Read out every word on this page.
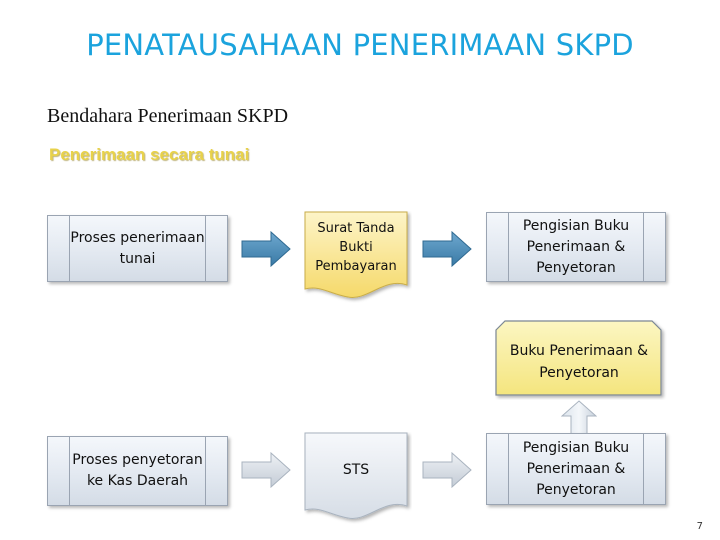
PENATAUSAHAAN PENERIMAAN SKPD
Bendahara Penerimaan SKPD
Penerimaan secara tunai
Proses penerimaan tunai
Surat Tanda Bukti Pembayaran
Pengisian Buku Penerimaan & Penyetoran
Buku Penerimaan & Penyetoran
Proses penyetoran ke Kas Daerah
STS
Pengisian Buku Penerimaan & Penyetoran
7
